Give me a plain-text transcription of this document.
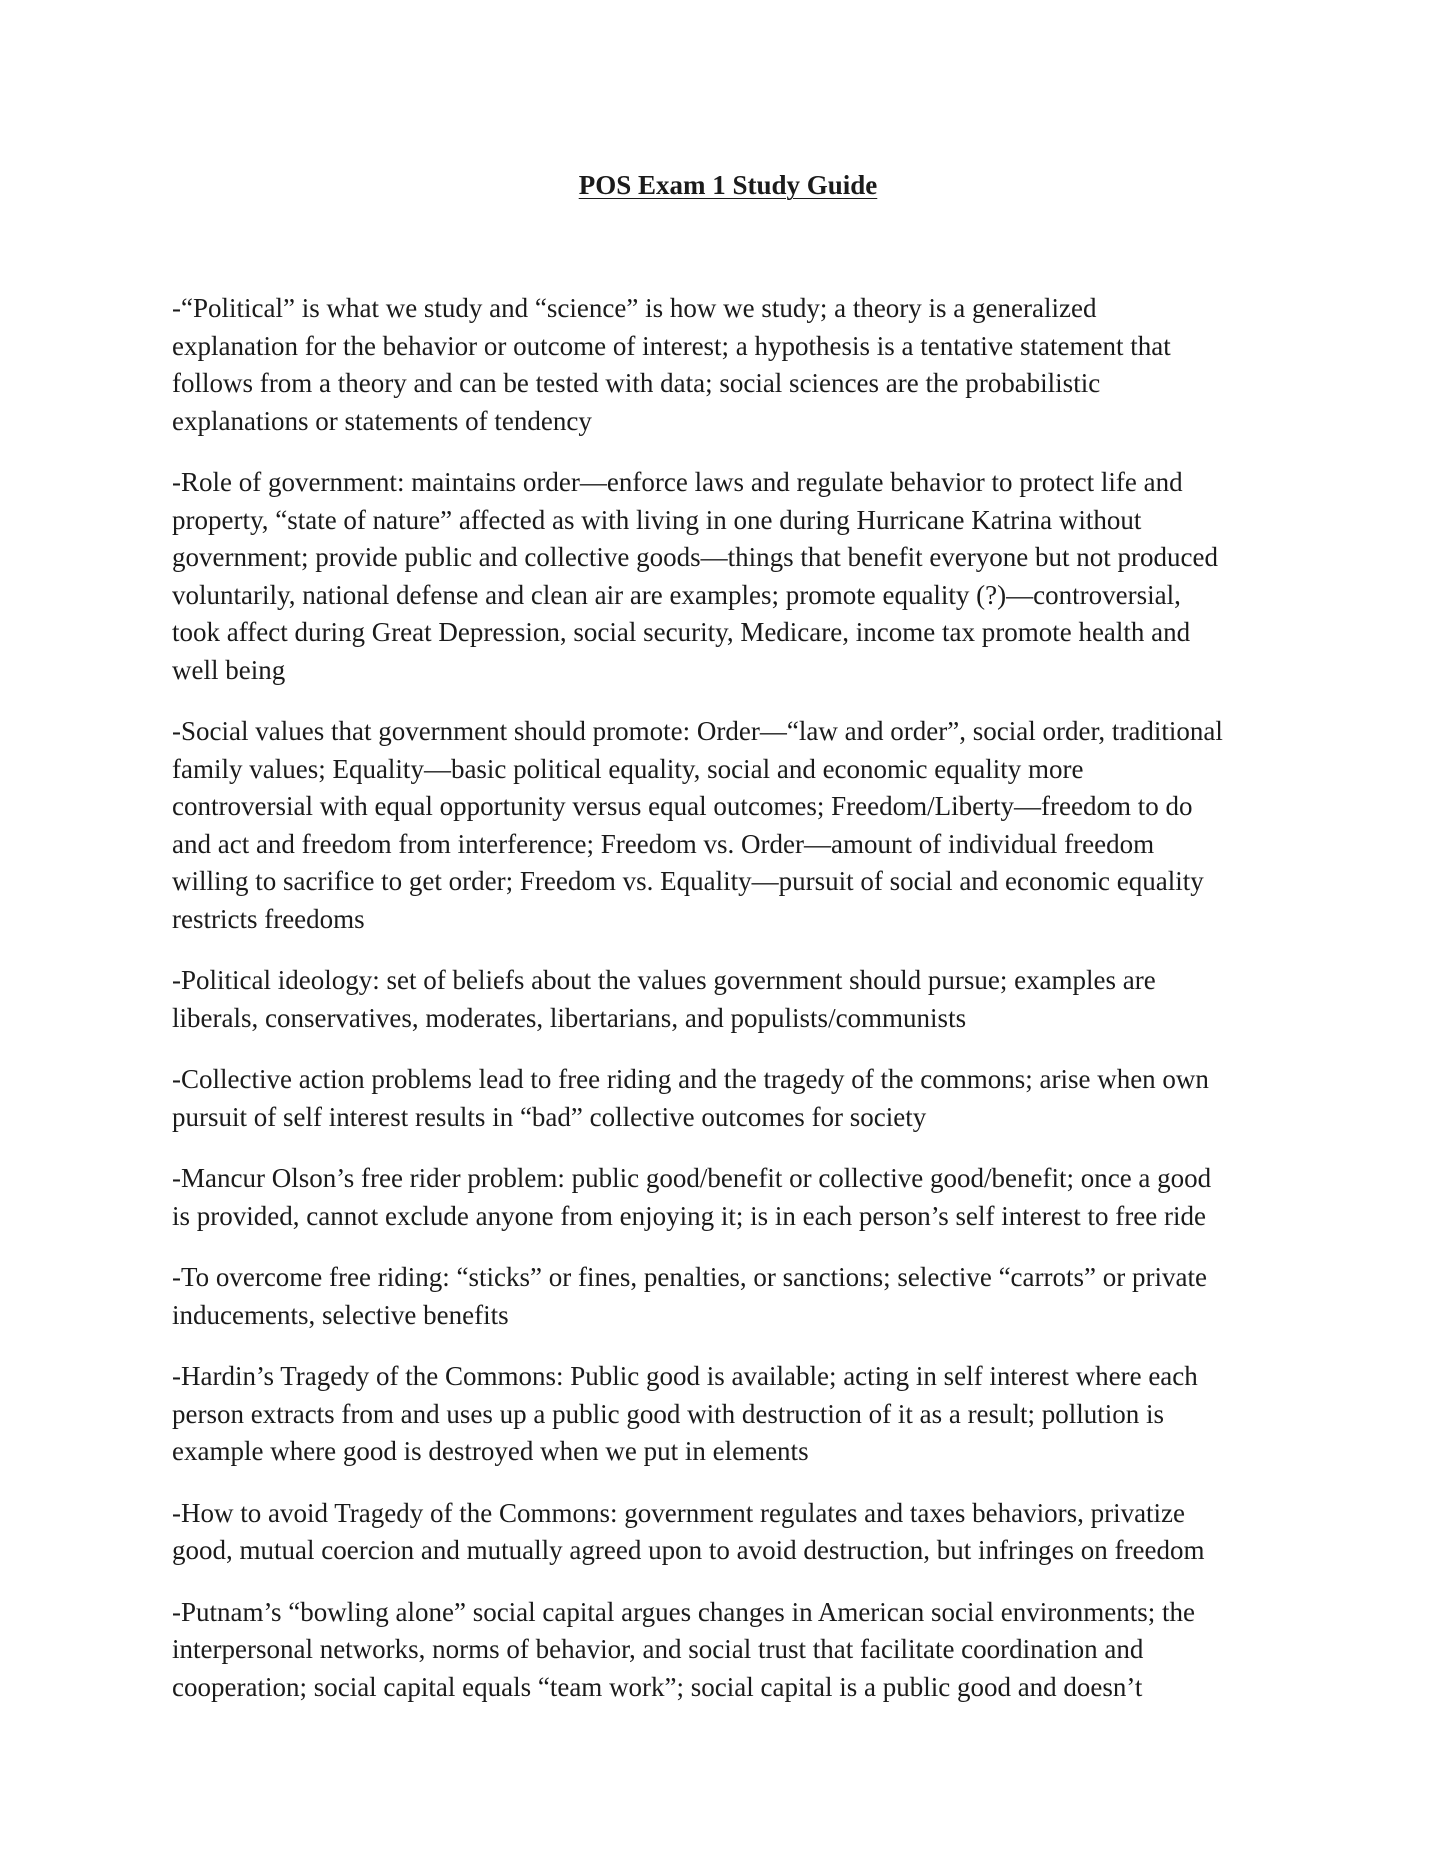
POS Exam 1 Study Guide

-“Political” is what we study and “science” is how we study; a theory is a generalized
explanation for the behavior or outcome of interest; a hypothesis is a tentative statement that
follows from a theory and can be tested with data; social sciences are the probabilistic
explanations or statements of tendency

-Role of government: maintains order—enforce laws and regulate behavior to protect life and
property, “state of nature” affected as with living in one during Hurricane Katrina without
government; provide public and collective goods—things that benefit everyone but not produced
voluntarily, national defense and clean air are examples; promote equality (?)—controversial,
took affect during Great Depression, social security, Medicare, income tax promote health and
well being

-Social values that government should promote: Order—“law and order”, social order, traditional
family values; Equality—basic political equality, social and economic equality more
controversial with equal opportunity versus equal outcomes; Freedom/Liberty—freedom to do
and act and freedom from interference; Freedom vs. Order—amount of individual freedom
willing to sacrifice to get order; Freedom vs. Equality—pursuit of social and economic equality
restricts freedoms

-Political ideology: set of beliefs about the values government should pursue; examples are
liberals, conservatives, moderates, libertarians, and populists/communists

-Collective action problems lead to free riding and the tragedy of the commons; arise when own
pursuit of self interest results in “bad” collective outcomes for society

-Mancur Olson’s free rider problem: public good/benefit or collective good/benefit; once a good
is provided, cannot exclude anyone from enjoying it; is in each person’s self interest to free ride

-To overcome free riding: “sticks” or fines, penalties, or sanctions; selective “carrots” or private
inducements, selective benefits

-Hardin’s Tragedy of the Commons: Public good is available; acting in self interest where each
person extracts from and uses up a public good with destruction of it as a result; pollution is
example where good is destroyed when we put in elements

-How to avoid Tragedy of the Commons: government regulates and taxes behaviors, privatize
good, mutual coercion and mutually agreed upon to avoid destruction, but infringes on freedom

-Putnam’s “bowling alone” social capital argues changes in American social environments; the
interpersonal networks, norms of behavior, and social trust that facilitate coordination and
cooperation; social capital equals “team work”; social capital is a public good and doesn’t
